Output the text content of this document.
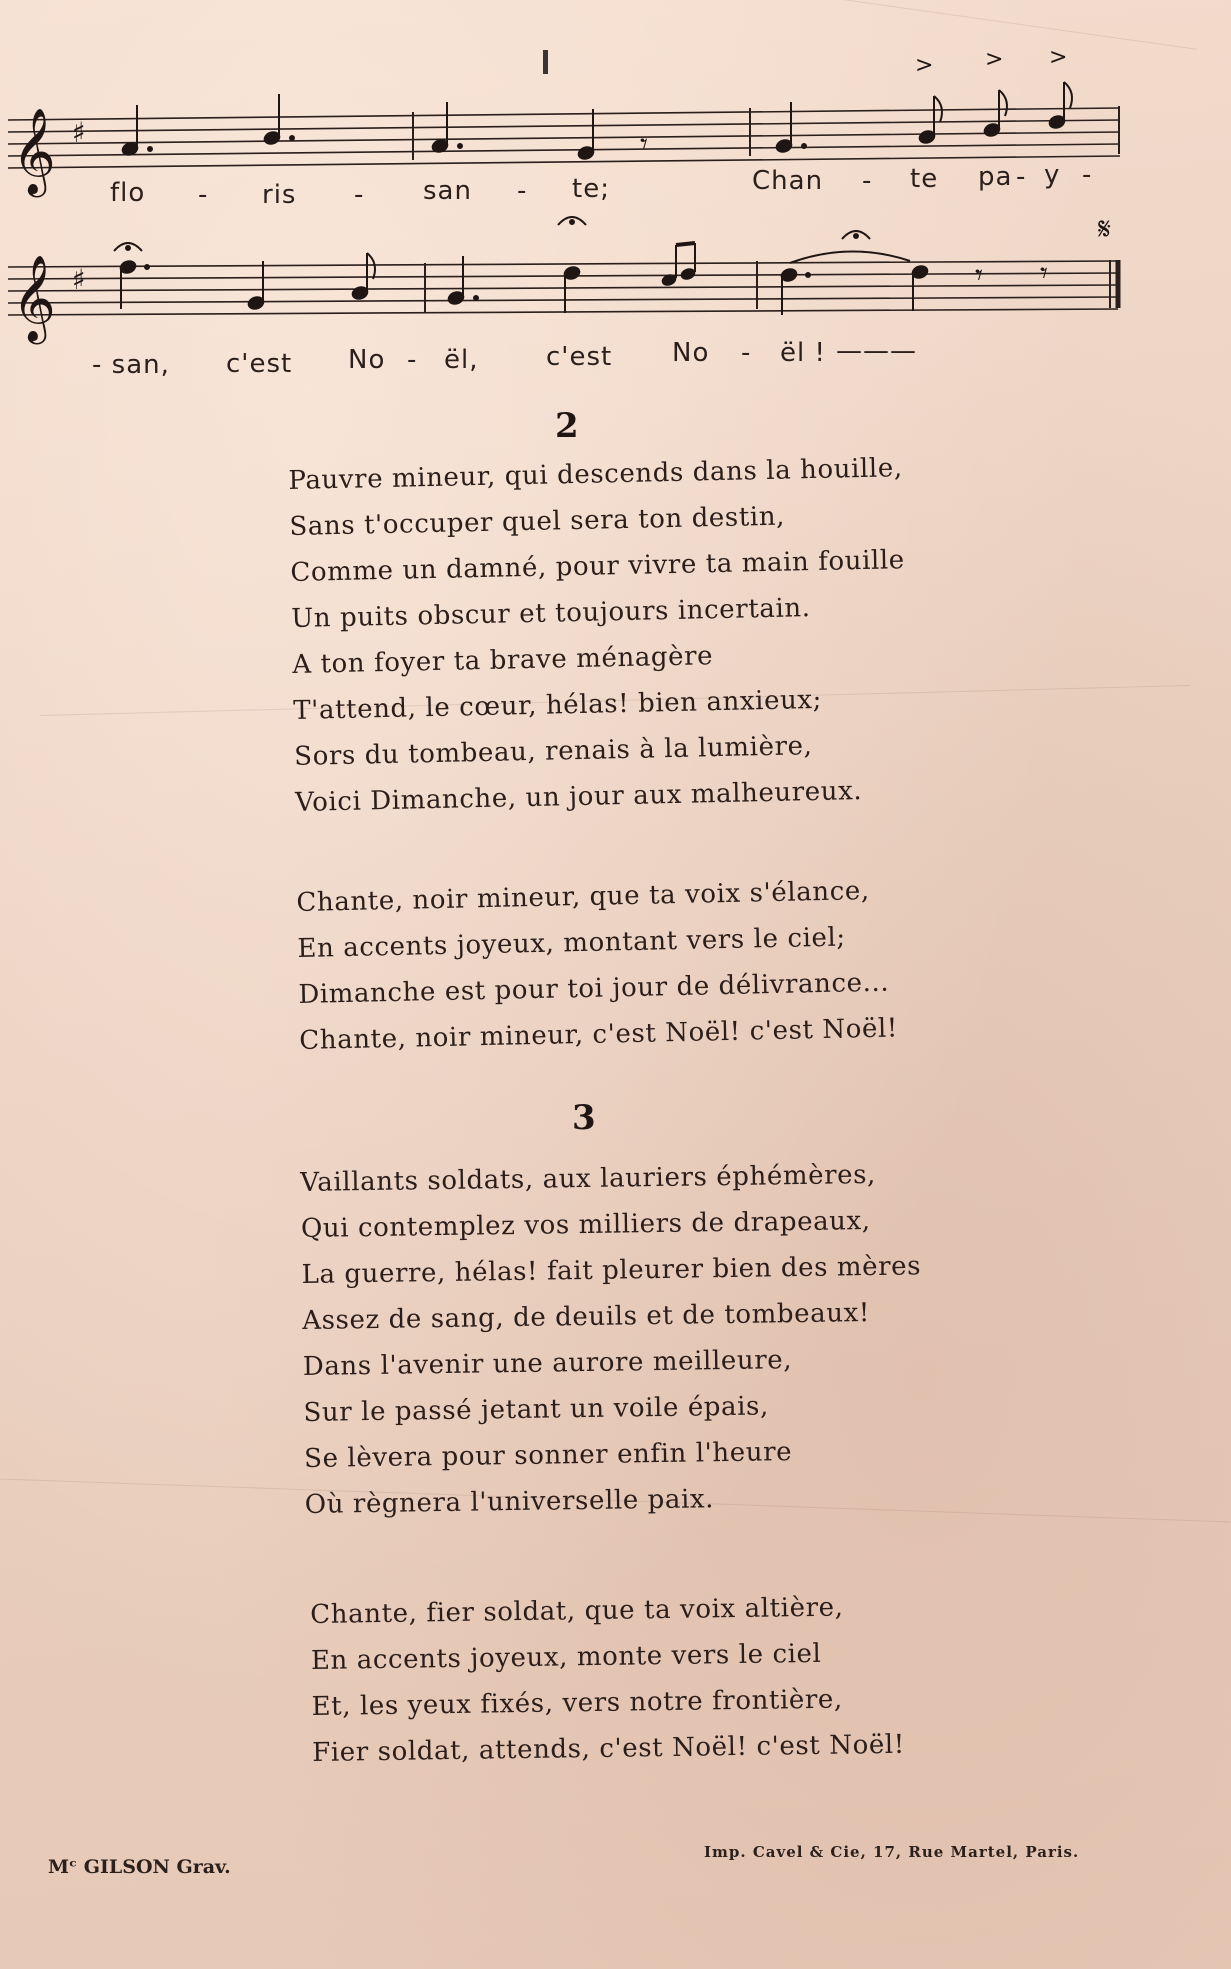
𝄞 ♯	𝄾
> > >
flo - ris - san - te;	Chan - te pa - y -
𝄞 ♯	𝄾 𝄾
𝄋
- san, c'est No - ël,	c'est No - ël ! ———
2
Pauvre mineur, qui descends dans la houille,
Sans t'occuper quel sera ton destin,
Comme un damné, pour vivre ta main fouille
Un puits obscur et toujours incertain.
A ton foyer ta brave ménagère
T'attend, le cœur, hélas! bien anxieux;
Sors du tombeau, renais à la lumière,
Voici Dimanche, un jour aux malheureux.
Chante, noir mineur, que ta voix s'élance,
En accents joyeux, montant vers le ciel;
Dimanche est pour toi jour de délivrance...
Chante, noir mineur, c'est Noël! c'est Noël!
3
Vaillants soldats, aux lauriers éphémères,
Qui contemplez vos milliers de drapeaux,
La guerre, hélas! fait pleurer bien des mères
Assez de sang, de deuils et de tombeaux!
Dans l'avenir une aurore meilleure,
Sur le passé jetant un voile épais,
Se lèvera pour sonner enfin l'heure
Où règnera l'universelle paix.
Chante, fier soldat, que ta voix altière,
En accents joyeux, monte vers le ciel
Et, les yeux fixés, vers notre frontière,
Fier soldat, attends, c'est Noël! c'est Noël!
Mᶜ GILSON Grav.
Imp. Cavel & Cie, 17, Rue Martel, Paris.
